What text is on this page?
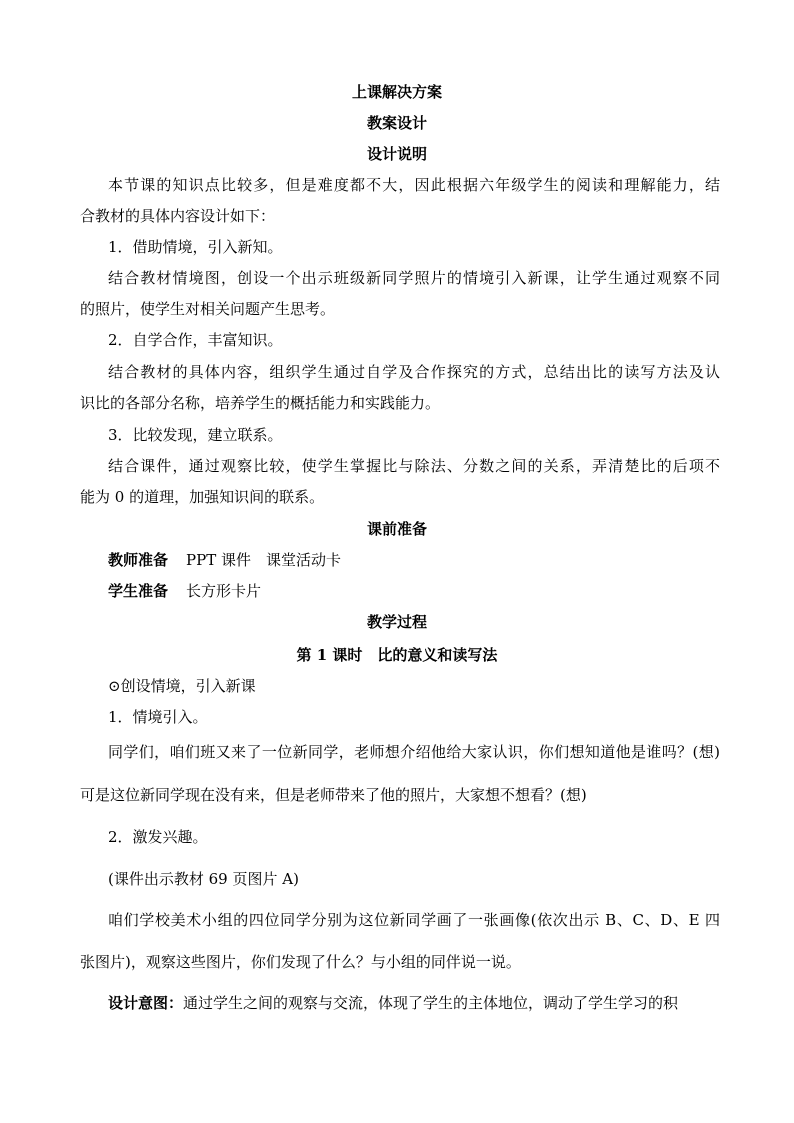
上课解决方案
教案设计
设计说明
本节课的知识点比较多，但是难度都不大，因此根据六年级学生的阅读和理解能力，结
合教材的具体内容设计如下：
1．借助情境，引入新知。
结合教材情境图，创设一个出示班级新同学照片的情境引入新课，让学生通过观察不同
的照片，使学生对相关问题产生思考。
2．自学合作，丰富知识。
结合教材的具体内容，组织学生通过自学及合作探究的方式，总结出比的读写方法及认
识比的各部分名称，培养学生的概括能力和实践能力。
3．比较发现，建立联系。
结合课件，通过观察比较，使学生掌握比与除法、分数之间的关系，弄清楚比的后项不
能为 0 的道理，加强知识间的联系。
课前准备
教师准备 PPT 课件　课堂活动卡
学生准备 长方形卡片
教学过程
第 1 课时　比的意义和读写法
⊙创设情境，引入新课
1．情境引入。
同学们，咱们班又来了一位新同学，老师想介绍他给大家认识，你们想知道他是谁吗？(想)
可是这位新同学现在没有来，但是老师带来了他的照片，大家想不想看？(想)
2．激发兴趣。
(课件出示教材 69 页图片 A)
咱们学校美术小组的四位同学分别为这位新同学画了一张画像(依次出示 B、C、D、E 四
张图片)，观察这些图片，你们发现了什么？与小组的同伴说一说。
设计意图：通过学生之间的观察与交流，体现了学生的主体地位，调动了学生学习的积
